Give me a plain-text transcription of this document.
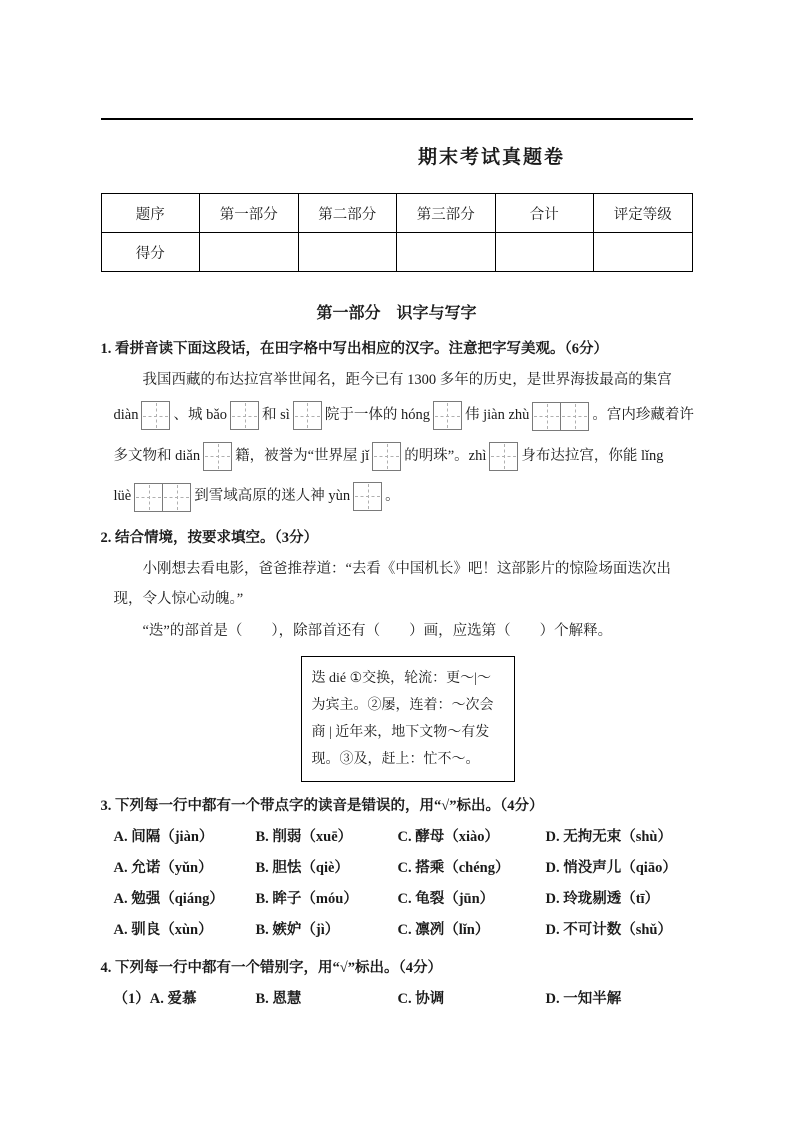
期末考试真题卷
题序	第一部分	第二部分	第三部分	合计	评定等级
得分					
第一部分　识字与写字
1. 看拼音读下面这段话，在田字格中写出相应的汉字。注意把字写美观。（6分）
我国西藏的布达拉宫举世闻名，距今已有 1300 多年的历史，是世界海拔最高的集宫
diàn 、城 bǎo 和 sì 院于一体的 hóng 伟 jiàn zhù	。宫内珍藏着许
多文物和 diǎn 籍，被誉为“世界屋 jǐ 的明珠”。zhì 身布达拉宫，你能 lǐng
lüè	到雪域高原的迷人神 yùn 。
2. 结合情境，按要求填空。（3分）
小刚想去看电影，爸爸推荐道：“去看《中国机长》吧！这部影片的惊险场面迭次出现，令人惊心动魄。”
“迭”的部首是（　　），除部首还有（　　）画，应选第（　　）个解释。
迭 dié ①交换，轮流：更～|～
为宾主。②屡，连着：～次会
商 | 近年来，地下文物～有发
现。③及，赶上：忙不～。
3. 下列每一行中都有一个带点字的读音是错误的，用“√”标出。（4分）
A. 间隔（jiàn）	B. 削弱（xuē）	C. 酵母（xiào）	D. 无拘无束（shù）
A. 允诺（yǔn）	B. 胆怯（qiè）	C. 搭乘（chéng）	D. 悄没声儿（qiāo）
A. 勉强（qiáng）	B. 眸子（móu）	C. 龟裂（jūn）	D. 玲珑剔透（tī）
A. 驯良（xùn）	B. 嫉妒（jì）	C. 凛冽（lǐn）	D. 不可计数（shǔ）
4. 下列每一行中都有一个错别字，用“√”标出。（4分）
（1）A. 爱慕	B. 恩慧	C. 协调	D. 一知半解
